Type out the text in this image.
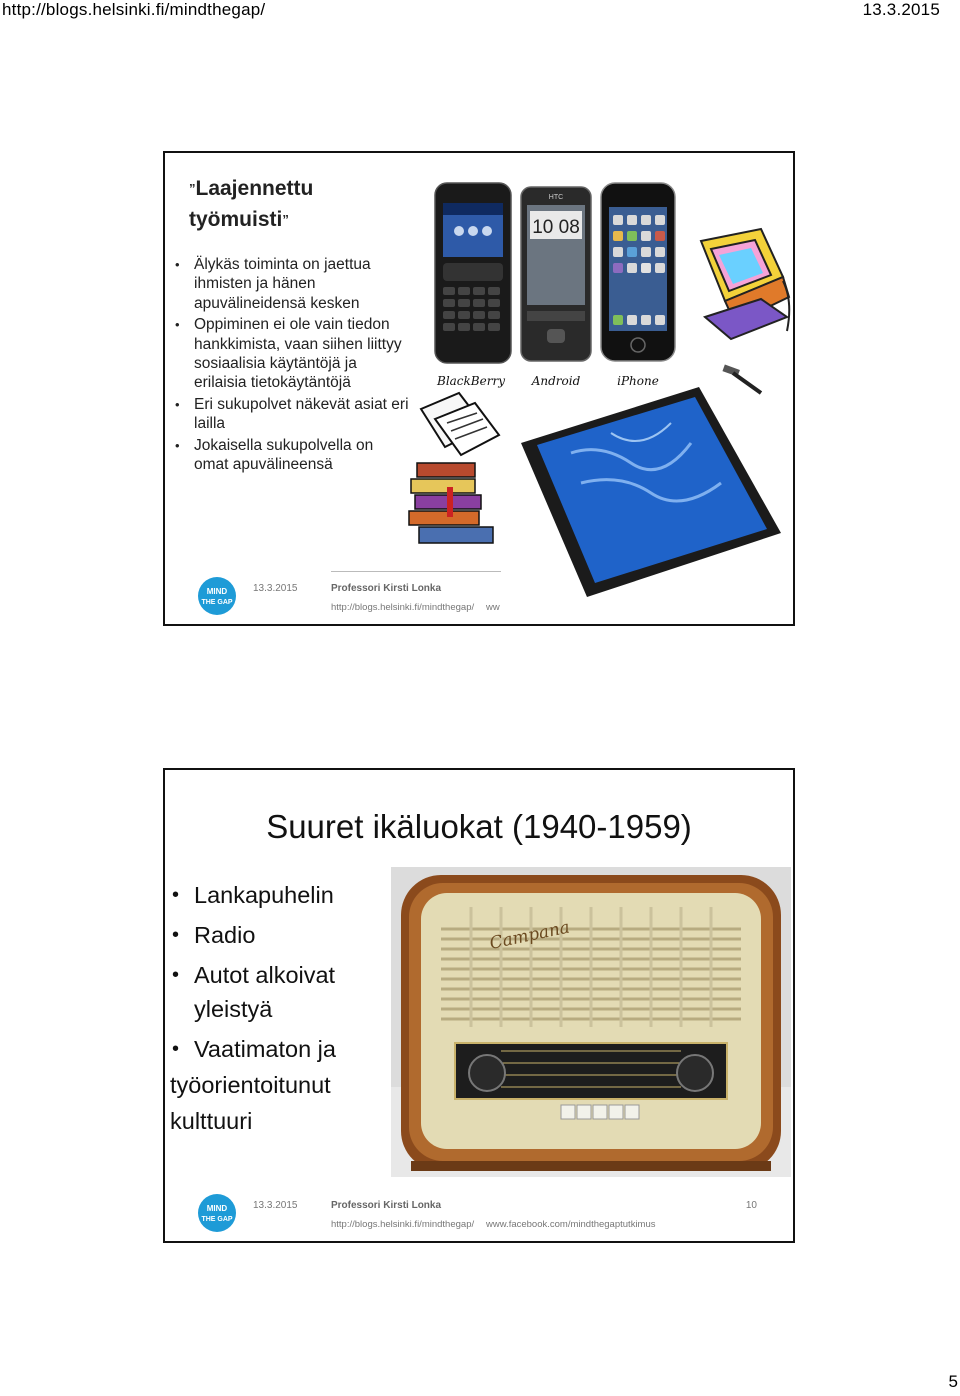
http://blogs.helsinki.fi/mindthegap/	13.3.2015
”Laajennettu
työmuisti”
• Älykäs toiminta on jaettua ihmisten ja hänen apuvälineidensä kesken
• Oppiminen ei ole vain tiedon hankkimista, vaan siihen liittyy sosiaalisia käytäntöjä ja erilaisia tietokäytäntöjä
• Eri sukupolvet näkevät asiat eri lailla
• Jokaisella sukupolvella on omat apuvälineensä
HTC
10 08
BlackBerry Android	iPhone
MIND
THE GAP
13.3.2015	Professori Kirsti Lonka
http://blogs.helsinki.fi/mindthegap/ ww
Suuret ikäluokat (1940-1959)
• Lankapuhelin
• Radio
• Autot alkoivat yleistyä
• Vaatimaton ja
työorientoitunut
kulttuuri
Campana
MIND
THE GAP
13.3.2015	Professori Kirsti Lonka	10
http://blogs.helsinki.fi/mindthegap/ www.facebook.com/mindthegaptutkimus
5
